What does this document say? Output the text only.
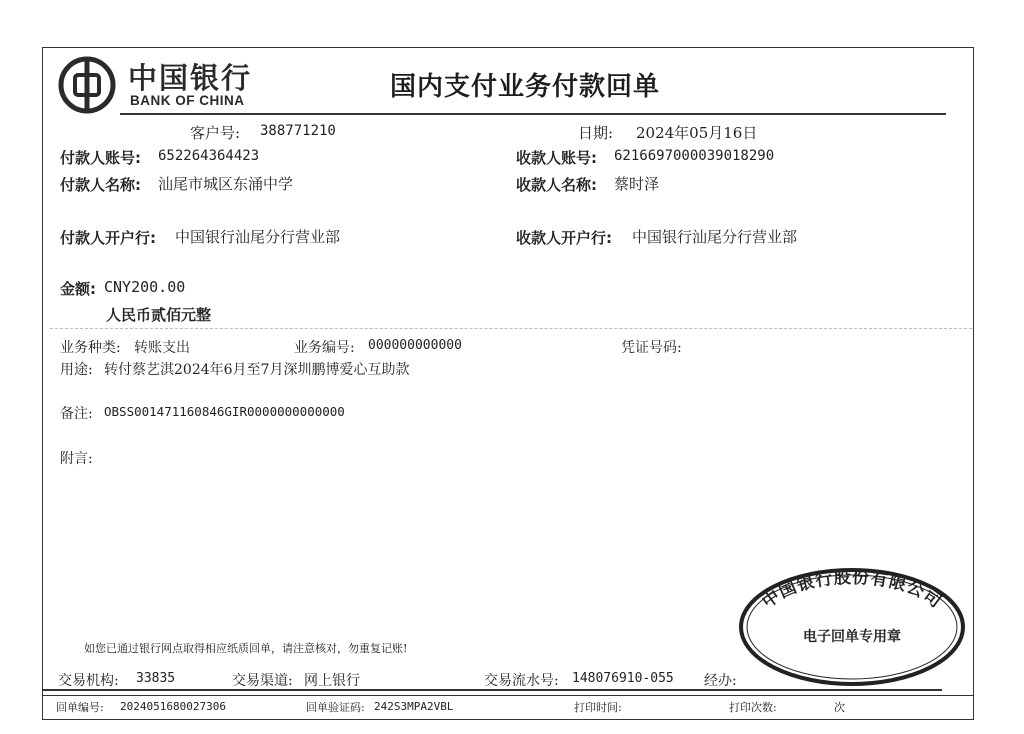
中国银行
BANK OF CHINA	国内支付业务付款回单
客户号: 388771210	日期: 2024年05月16日
付款人账号: 652264364423	收款人账号: 6216697000039018290
付款人名称: 汕尾市城区东涌中学	收款人名称: 蔡时泽
付款人开户行: 中国银行汕尾分行营业部	收款人开户行: 中国银行汕尾分行营业部
金额: CNY200.00
人民币贰佰元整
业务种类: 转账支出	业务编号: 000000000000	凭证号码:
用途: 转付蔡艺淇2024年6月至7月深圳鹏博爱心互助款
备注: OBSS001471160846GIR0000000000000
附言:
如您已通过银行网点取得相应纸质回单，请注意核对，勿重复记账!
中国银行股份有限公司
电子回单专用章
交易机构: 33835	交易渠道: 网上银行	交易流水号: 148076910-055 经办:
回单编号: 2024051680027306	回单验证码: 242S3MPA2VBL	打印时间:	打印次数:	次
